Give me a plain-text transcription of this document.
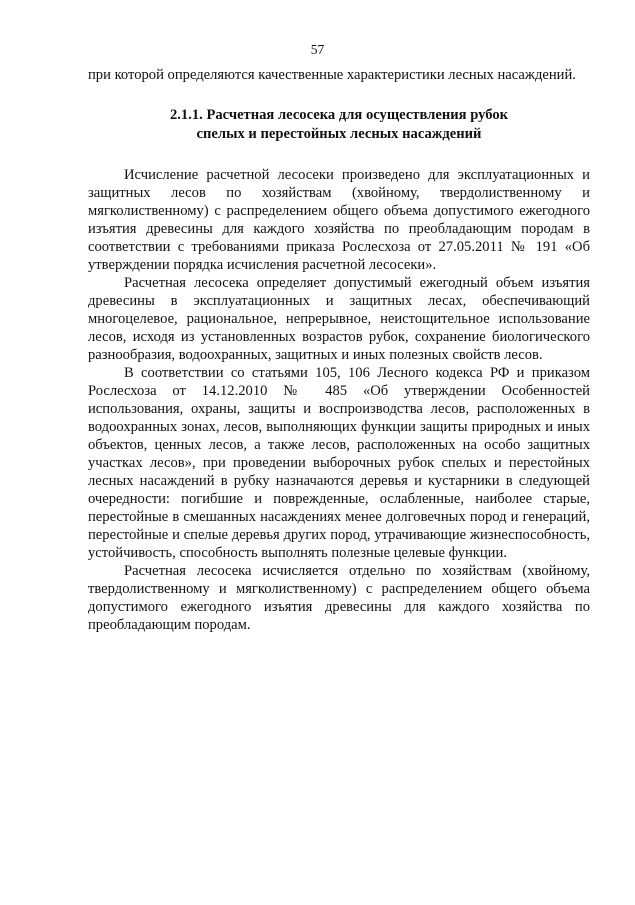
57

при которой определяются качественные характеристики лесных насаждений.

2.1.1. Расчетная лесосека для осуществления рубок
спелых и перестойных лесных насаждений

Исчисление расчетной лесосеки произведено для эксплуатационных и защитных лесов по хозяйствам (хвойному, твердолиственному и мягколиственному) с распределением общего объема допустимого ежегодного изъятия древесины для каждого хозяйства по преобладающим породам в соответствии с требованиями приказа Рослесхоза от 27.05.2011 № 191 «Об утверждении порядка исчисления расчетной лесосеки».

Расчетная лесосека определяет допустимый ежегодный объем изъятия древесины в эксплуатационных и защитных лесах, обеспечивающий многоцелевое, рациональное, непрерывное, неистощительное использование лесов, исходя из установленных возрастов рубок, сохранение биологического разнообразия, водоохранных, защитных и иных полезных свойств лесов.

В соответствии со статьями 105, 106 Лесного кодекса РФ и приказом Рослесхоза от 14.12.2010 № 485 «Об утверждении Особенностей использования, охраны, защиты и воспроизводства лесов, расположенных в водоохранных зонах, лесов, выполняющих функции защиты природных и иных объектов, ценных лесов, а также лесов, расположенных на особо защитных участках лесов», при проведении выборочных рубок спелых и перестойных лесных насаждений в рубку назначаются деревья и кустарники в следующей очередности: погибшие и поврежденные, ослабленные, наиболее старые, перестойные в смешанных насаждениях менее долговечных пород и генераций, перестойные и спелые деревья других пород, утрачивающие жизнеспособность, устойчивость, способность выполнять полезные целевые функции.

Расчетная лесосека исчисляется отдельно по хозяйствам (хвойному, твердолиственному и мягколиственному) с распределением общего объема допустимого ежегодного изъятия древесины для каждого хозяйства по преобладающим породам.
